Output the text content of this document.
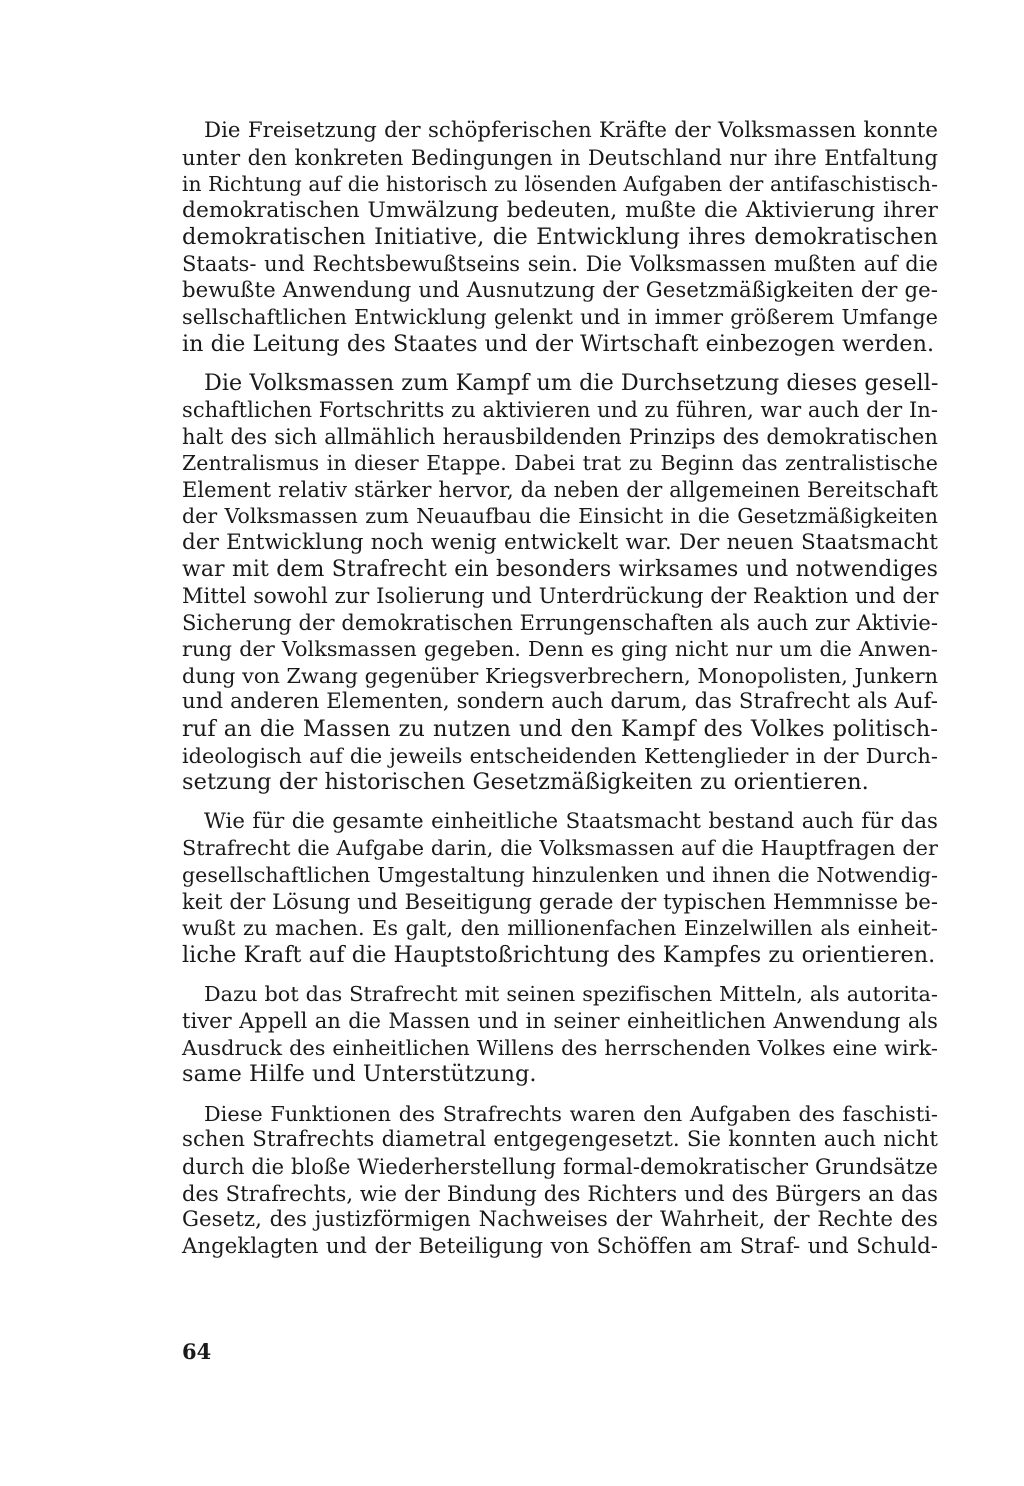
Die Freisetzung der schöpferischen Kräfte der Volksmassen konnte
unter den konkreten Bedingungen in Deutschland nur ihre Entfaltung
in Richtung auf die historisch zu lösenden Aufgaben der antifaschistisch-
demokratischen Umwälzung bedeuten, mußte die Aktivierung ihrer
demokratischen Initiative, die Entwicklung ihres demokratischen
Staats- und Rechtsbewußtseins sein. Die Volksmassen mußten auf die
bewußte Anwendung und Ausnutzung der Gesetzmäßigkeiten der ge-
sellschaftlichen Entwicklung gelenkt und in immer größerem Umfange
in die Leitung des Staates und der Wirtschaft einbezogen werden.
Die Volksmassen zum Kampf um die Durchsetzung dieses gesell-
schaftlichen Fortschritts zu aktivieren und zu führen, war auch der In-
halt des sich allmählich herausbildenden Prinzips des demokratischen
Zentralismus in dieser Etappe. Dabei trat zu Beginn das zentralistische
Element relativ stärker hervor, da neben der allgemeinen Bereitschaft
der Volksmassen zum Neuaufbau die Einsicht in die Gesetzmäßigkeiten
der Entwicklung noch wenig entwickelt war. Der neuen Staatsmacht
war mit dem Strafrecht ein besonders wirksames und notwendiges
Mittel sowohl zur Isolierung und Unterdrückung der Reaktion und der
Sicherung der demokratischen Errungenschaften als auch zur Aktivie-
rung der Volksmassen gegeben. Denn es ging nicht nur um die Anwen-
dung von Zwang gegenüber Kriegsverbrechern, Monopolisten, Junkern
und anderen Elementen, sondern auch darum, das Strafrecht als Auf-
ruf an die Massen zu nutzen und den Kampf des Volkes politisch-
ideologisch auf die jeweils entscheidenden Kettenglieder in der Durch-
setzung der historischen Gesetzmäßigkeiten zu orientieren.
Wie für die gesamte einheitliche Staatsmacht bestand auch für das
Strafrecht die Aufgabe darin, die Volksmassen auf die Hauptfragen der
gesellschaftlichen Umgestaltung hinzulenken und ihnen die Notwendig-
keit der Lösung und Beseitigung gerade der typischen Hemmnisse be-
wußt zu machen. Es galt, den millionenfachen Einzelwillen als einheit-
liche Kraft auf die Hauptstoßrichtung des Kampfes zu orientieren.
Dazu bot das Strafrecht mit seinen spezifischen Mitteln, als autorita-
tiver Appell an die Massen und in seiner einheitlichen Anwendung als
Ausdruck des einheitlichen Willens des herrschenden Volkes eine wirk-
same Hilfe und Unterstützung.
Diese Funktionen des Strafrechts waren den Aufgaben des faschisti-
schen Strafrechts diametral entgegengesetzt. Sie konnten auch nicht
durch die bloße Wiederherstellung formal-demokratischer Grundsätze
des Strafrechts, wie der Bindung des Richters und des Bürgers an das
Gesetz, des justizförmigen Nachweises der Wahrheit, der Rechte des
Angeklagten und der Beteiligung von Schöffen am Straf- und Schuld-
64
